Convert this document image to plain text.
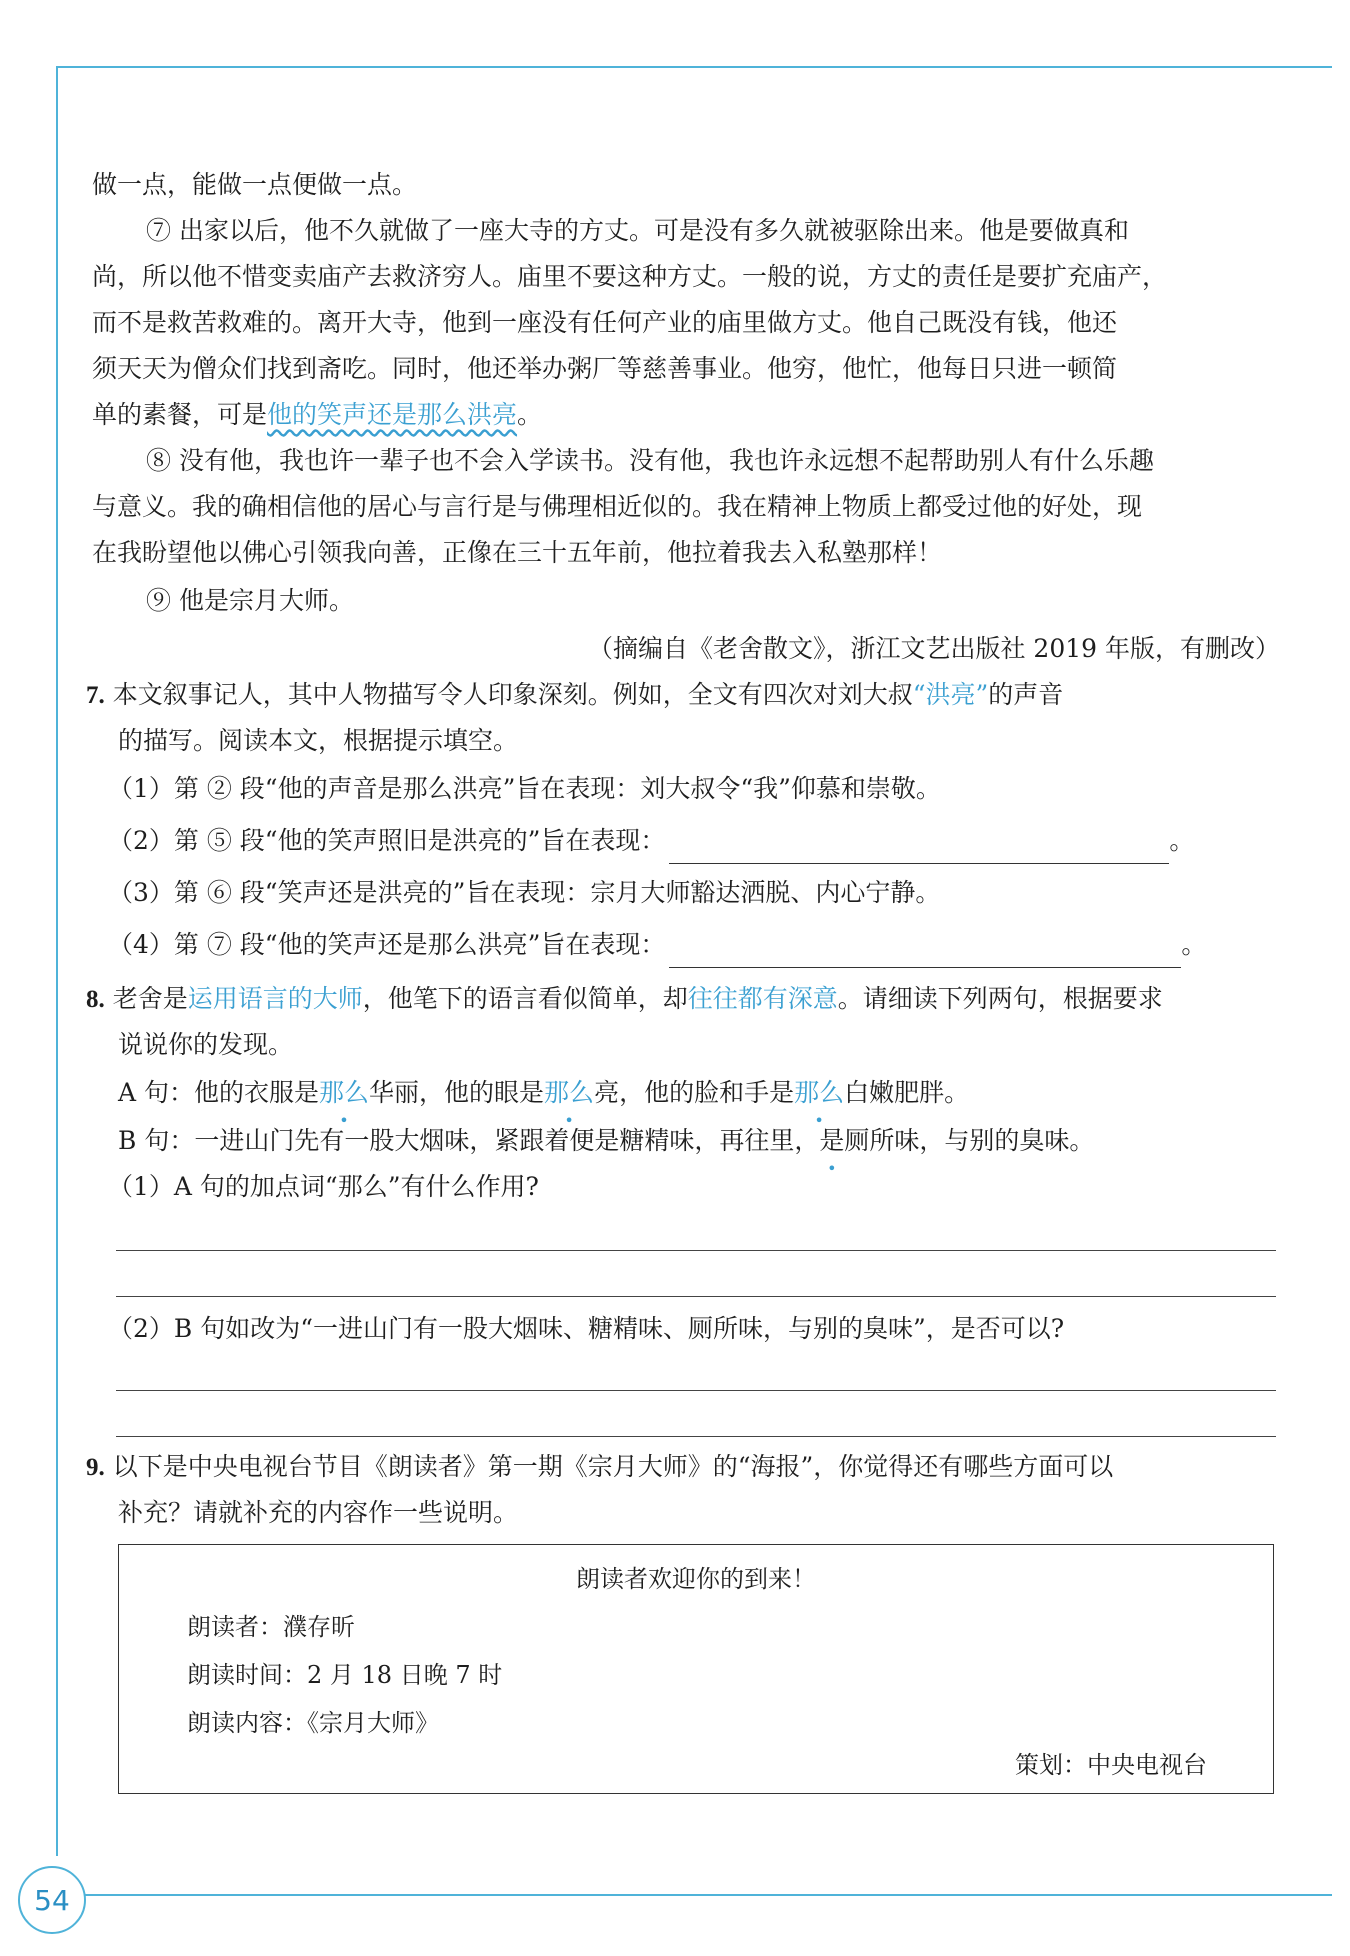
54
做一点，能做一点便做一点。
⑦ 出家以后，他不久就做了一座大寺的方丈。可是没有多久就被驱除出来。他是要做真和
尚，所以他不惜变卖庙产去救济穷人。庙里不要这种方丈。一般的说，方丈的责任是要扩充庙产，
而不是救苦救难的。离开大寺，他到一座没有任何产业的庙里做方丈。他自己既没有钱，他还
须天天为僧众们找到斋吃。同时，他还举办粥厂等慈善事业。他穷，他忙，他每日只进一顿简
单的素餐，可是他的笑声还是那么洪亮。
⑧ 没有他，我也许一辈子也不会入学读书。没有他，我也许永远想不起帮助别人有什么乐趣
与意义。我的确相信他的居心与言行是与佛理相近似的。我在精神上物质上都受过他的好处，现
在我盼望他以佛心引领我向善，正像在三十五年前，他拉着我去入私塾那样！
⑨ 他是宗月大师。
（摘编自《老舍散文》，浙江文艺出版社 2019 年版，有删改）
7. 本文叙事记人，其中人物描写令人印象深刻。例如，全文有四次对刘大叔“洪亮”的声音
的描写。阅读本文，根据提示填空。
（1）第 ② 段“他的声音是那么洪亮”旨在表现：刘大叔令“我”仰慕和崇敬。
（2）第 ⑤ 段“他的笑声照旧是洪亮的”旨在表现：	。
（3）第 ⑥ 段“笑声还是洪亮的”旨在表现：宗月大师豁达洒脱、内心宁静。
（4）第 ⑦ 段“他的笑声还是那么洪亮”旨在表现：	。
8. 老舍是运用语言的大师，他笔下的语言看似简单，却往往都有深意。请细读下列两句，根据要求
说说你的发现。
A 句：他的衣服是那么华丽，他的眼是那么亮，他的脸和手是那么白嫩肥胖。
B 句：一进山门先有一股大烟味，紧跟着便是糖精味，再往里，是厕所味，与别的臭味。
（1）A 句的加点词“那么”有什么作用?
（2）B 句如改为“一进山门有一股大烟味、糖精味、厕所味，与别的臭味”，是否可以?
9. 以下是中央电视台节目《朗读者》第一期《宗月大师》的“海报”，你觉得还有哪些方面可以
补充？请就补充的内容作一些说明。
朗读者欢迎你的到来！
朗读者：濮存昕
朗读时间：2 月 18 日晚 7 时
朗读内容：《宗月大师》
策划：中央电视台
